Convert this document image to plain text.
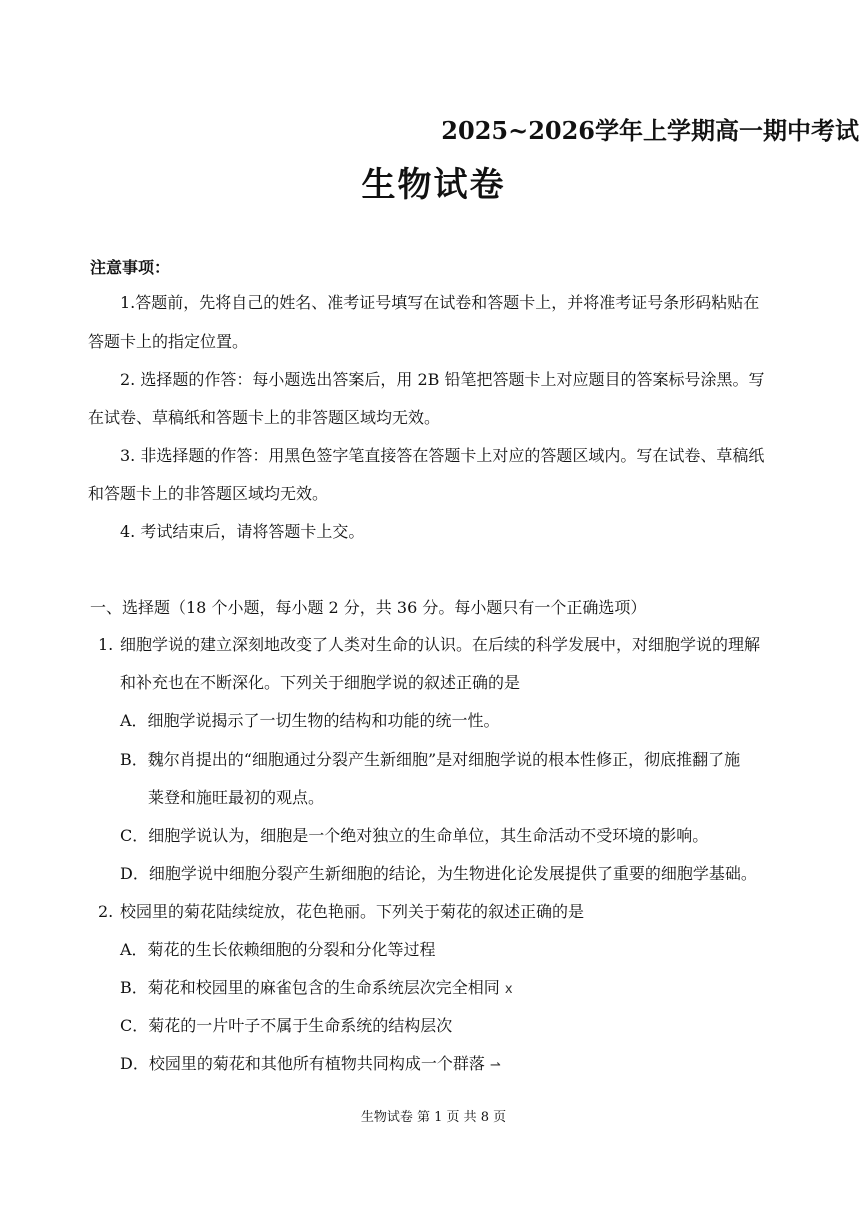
2025~2026学年上学期高一期中考试
生物试卷
注意事项：
1.答题前，先将自己的姓名、准考证号填写在试卷和答题卡上，并将准考证号条形码粘贴在
答题卡上的指定位置。
2. 选择题的作答：每小题选出答案后，用 2B 铅笔把答题卡上对应题目的答案标号涂黑。写
在试卷、草稿纸和答题卡上的非答题区域均无效。
3. 非选择题的作答：用黑色签字笔直接答在答题卡上对应的答题区域内。写在试卷、草稿纸
和答题卡上的非答题区域均无效。
4. 考试结束后，请将答题卡上交。
一、选择题（18 个小题，每小题 2 分，共 36 分。每小题只有一个正确选项）
1. 细胞学说的建立深刻地改变了人类对生命的认识。在后续的科学发展中，对细胞学说的理解
和补充也在不断深化。下列关于细胞学说的叙述正确的是
A．细胞学说揭示了一切生物的结构和功能的统一性。
B．魏尔肖提出的“细胞通过分裂产生新细胞”是对细胞学说的根本性修正，彻底推翻了施
莱登和施旺最初的观点。
C．细胞学说认为，细胞是一个绝对独立的生命单位，其生命活动不受环境的影响。
D．细胞学说中细胞分裂产生新细胞的结论，为生物进化论发展提供了重要的细胞学基础。
2. 校园里的菊花陆续绽放，花色艳丽。下列关于菊花的叙述正确的是
A．菊花的生长依赖细胞的分裂和分化等过程
B．菊花和校园里的麻雀包含的生命系统层次完全相同 x
C．菊花的一片叶子不属于生命系统的结构层次
D．校园里的菊花和其他所有植物共同构成一个群落 ⇀
生物试卷 第 1 页 共 8 页
